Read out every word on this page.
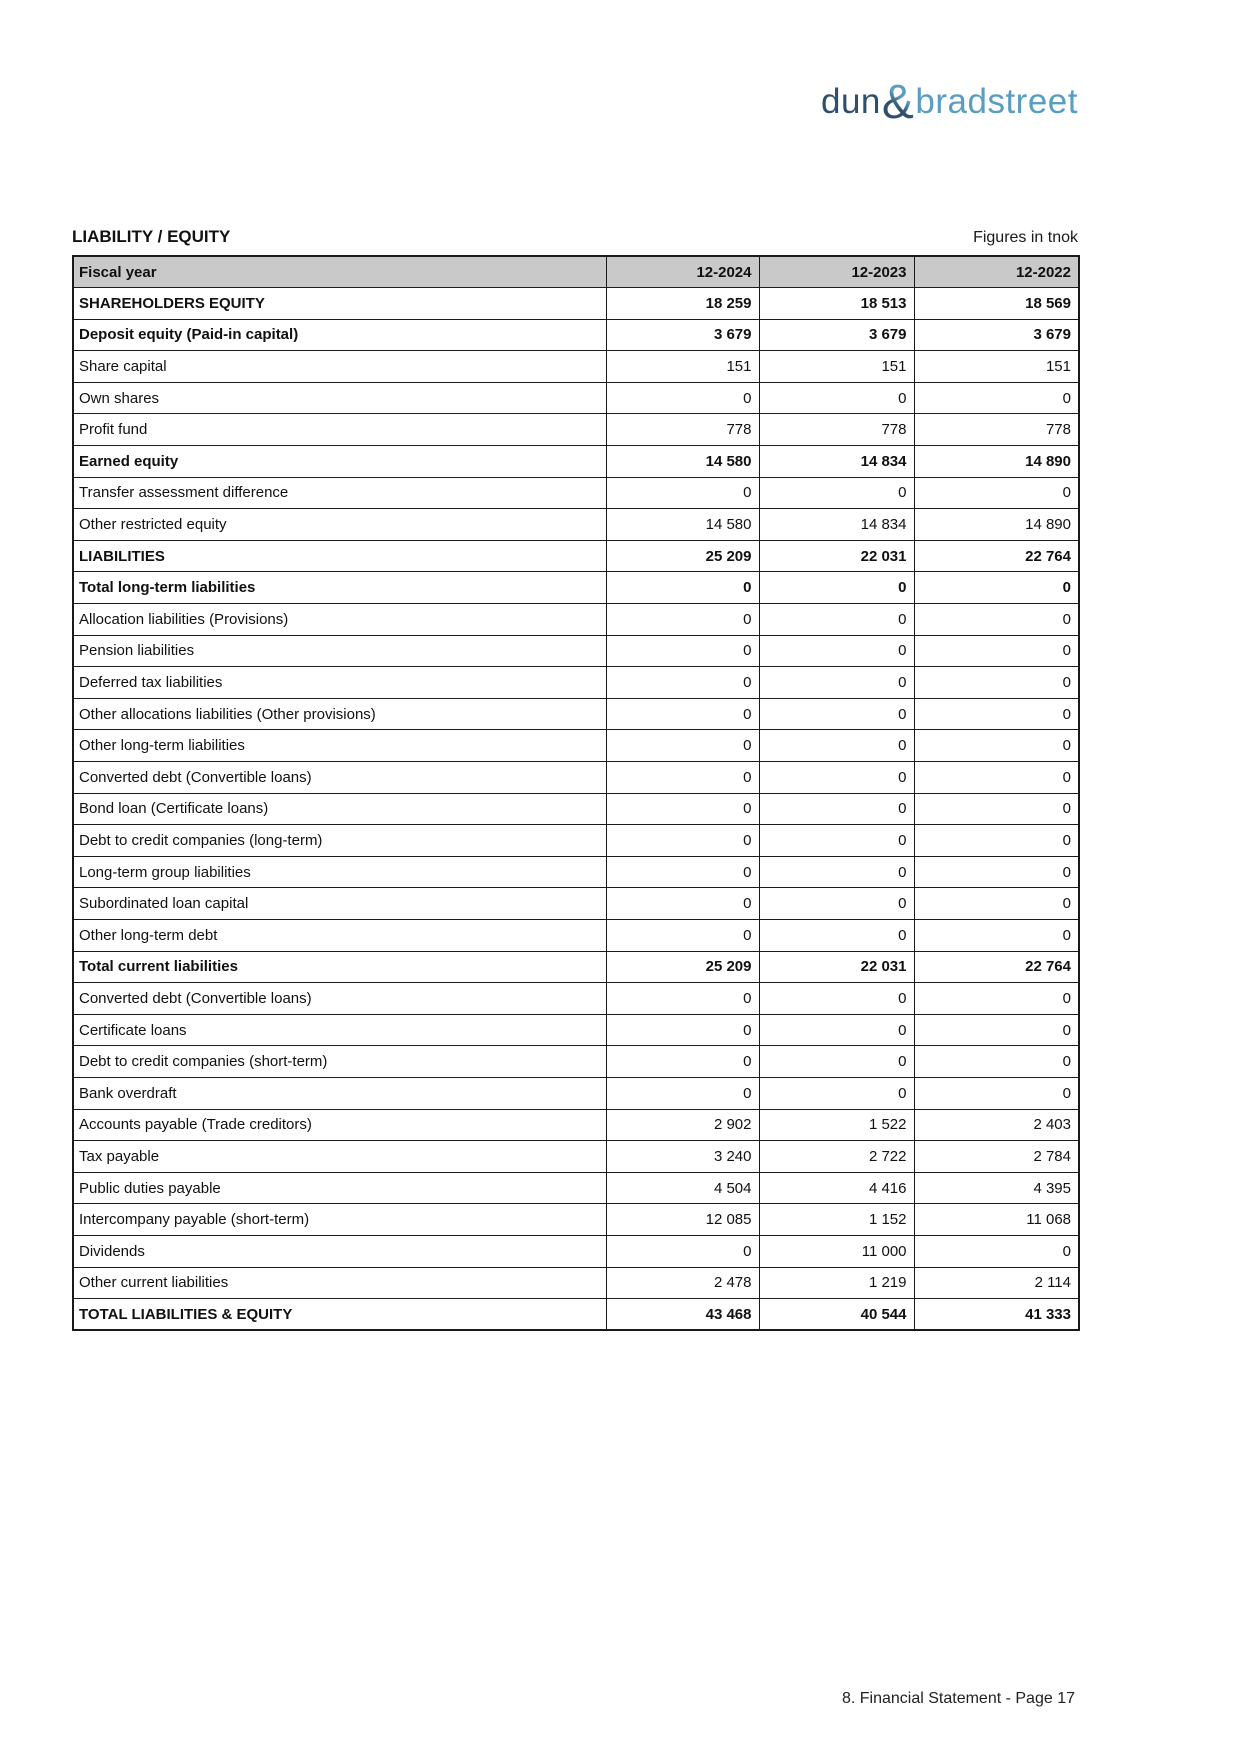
dun & bradstreet
LIABILITY / EQUITY	Figures in tnok
Fiscal year	12-2024	12-2023	12-2022
SHAREHOLDERS EQUITY	18 259	18 513	18 569
Deposit equity (Paid-in capital)	3 679	3 679	3 679
Share capital	151	151	151
Own shares	0	0	0
Profit fund	778	778	778
Earned equity	14 580	14 834	14 890
Transfer assessment difference	0	0	0
Other restricted equity	14 580	14 834	14 890
LIABILITIES	25 209	22 031	22 764
Total long-term liabilities	0	0	0
Allocation liabilities (Provisions)	0	0	0
Pension liabilities	0	0	0
Deferred tax liabilities	0	0	0
Other allocations liabilities (Other provisions)	0	0	0
Other long-term liabilities	0	0	0
Converted debt (Convertible loans)	0	0	0
Bond loan (Certificate loans)	0	0	0
Debt to credit companies (long-term)	0	0	0
Long-term group liabilities	0	0	0
Subordinated loan capital	0	0	0
Other long-term debt	0	0	0
Total current liabilities	25 209	22 031	22 764
Converted debt (Convertible loans)	0	0	0
Certificate loans	0	0	0
Debt to credit companies (short-term)	0	0	0
Bank overdraft	0	0	0
Accounts payable (Trade creditors)	2 902	1 522	2 403
Tax payable	3 240	2 722	2 784
Public duties payable	4 504	4 416	4 395
Intercompany payable (short-term)	12 085	1 152	11 068
Dividends	0	11 000	0
Other current liabilities	2 478	1 219	2 114
TOTAL LIABILITIES & EQUITY	43 468	40 544	41 333
8. Financial Statement - Page 17
